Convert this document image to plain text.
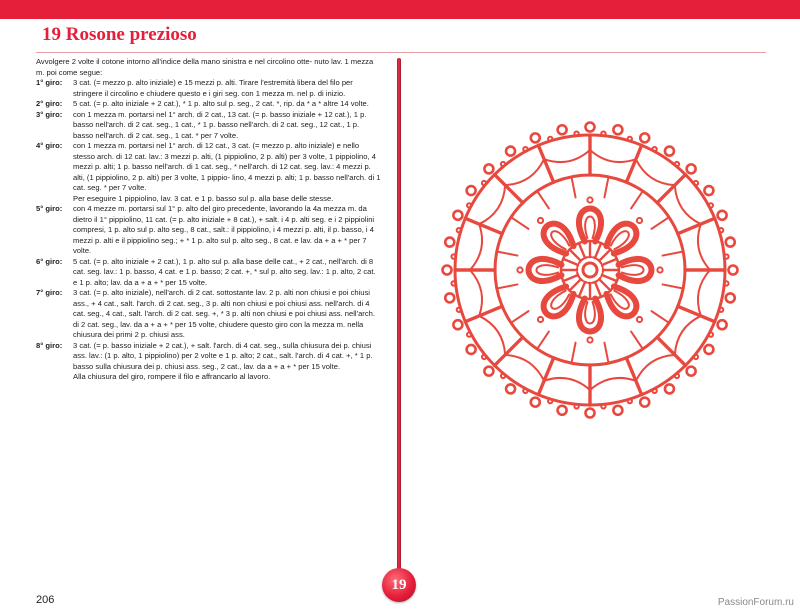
19 Rosone prezioso
Avvolgere 2 volte il cotone intorno all'indice della mano sinistra e nel circolino otte- nuto lav. 1 mezza m. poi come segue:
1° giro:	3 cat. (= mezzo p. alto iniziale) e 15 mezzi p. alti. Tirare l'estremità libera del filo per stringere il circolino e chiudere questo e i giri seg. con 1 mezza m. nel p. di inizio.
2° giro:	5 cat. (= p. alto iniziale + 2 cat.), * 1 p. alto sul p. seg., 2 cat. *, rip. da * a * altre 14 volte.
3° giro:	con 1 mezza m. portarsi nel 1° arch. di 2 cat., 13 cat. (= p. basso iniziale + 12 cat.), 1 p. basso nell'arch. di 2 cat. seg., 1 cat., * 1 p. basso nell'arch. di 2 cat. seg., 12 cat., 1 p. basso nell'arch. di 2 cat. seg., 1 cat. * per 7 volte.
4° giro:	con 1 mezza m. portarsi nel 1° arch. di 12 cat., 3 cat. (= mezzo p. alto iniziale) e nello stesso arch. di 12 cat. lav.: 3 mezzi p. alti, (1 pippiolino, 2 p. alti) per 3 volte, 1 pippiolino, 4 mezzi p. alti; 1 p. basso nell'arch. di 1 cat. seg., * nell'arch. di 12 cat. seg. lav.: 4 mezzi p. alti, (1 pippiolino, 2 p. alti) per 3 volte, 1 pippio- lino, 4 mezzi p. alti; 1 p. basso nell'arch. di 1 cat. seg. * per 7 volte.
Per eseguire 1 pippiolino, lav. 3 cat. e 1 p. basso sul p. alla base delle stesse.
5° giro:	con 4 mezze m. portarsi sul 1° p. alto del giro precedente, lavorando la 4a mezza m. da dietro il 1° pippiolino, 11 cat. (= p. alto iniziale + 8 cat.), + salt. i 4 p. alti seg. e i 2 pippiolini compresi, 1 p. alto sul p. alto seg., 8 cat., salt.: il pippiolino, i 4 mezzi p. alti, il p. basso, i 4 mezzi p. alti e il pippiolino seg.; + * 1 p. alto sul p. alto seg., 8 cat. e lav. da + a + * per 7 volte.
6° giro:	5 cat. (= p. alto iniziale + 2 cat.), 1 p. alto sul p. alla base delle cat., + 2 cat., nell'arch. di 8 cat. seg. lav.: 1 p. basso, 4 cat. e 1 p. basso; 2 cat. +, * sul p. alto seg. lav.: 1 p. alto, 2 cat. e 1 p. alto; lav. da a + a + * per 15 volte.
7° giro:	3 cat. (= p. alto iniziale), nell'arch. di 2 cat. sottostante lav. 2 p. alti non chiusi e poi chiusi ass., + 4 cat., salt. l'arch. di 2 cat. seg., 3 p. alti non chiusi e poi chiusi ass. nell'arch. di 4 cat. seg., 4 cat., salt. l'arch. di 2 cat. seg. +, * 3 p. alti non chiusi e poi chiusi ass. nell'arch. di 2 cat. seg., lav. da a + a + * per 15 volte, chiudere questo giro con la mezza m. nella chiusura dei primi 2 p. chiusi ass.
8° giro:	3 cat. (= p. basso iniziale + 2 cat.), + salt. l'arch. di 4 cat. seg., sulla chiusura dei p. chiusi ass. lav.: (1 p. alto, 1 pippiolino) per 2 volte e 1 p. alto; 2 cat., salt. l'arch. di 4 cat. +, * 1 p. basso sulla chiusura dei p. chiusi ass. seg., 2 cat., lav. da a + a + * per 15 volte.
Alla chiusura del giro, rompere il filo e affrancarlo al lavoro.
19
206	PassionForum.ru
